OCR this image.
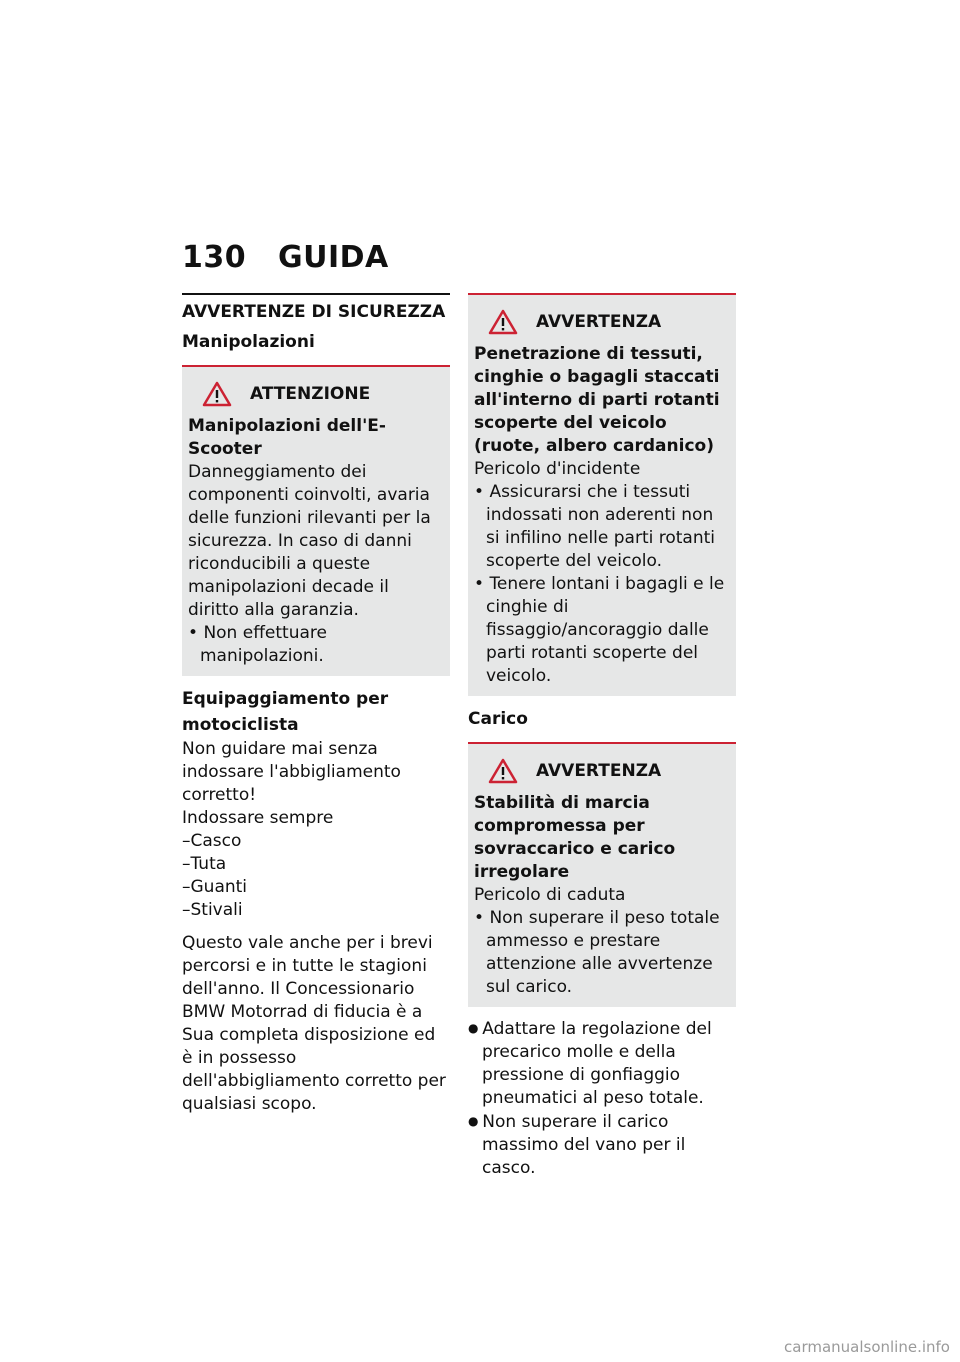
130 GUIDA
AVVERTENZE DI SICUREZZA
Manipolazioni
ATTENZIONE

Manipolazioni dell'E-Scooter

Danneggiamento dei componenti coinvolti, avaria delle funzioni rilevanti per la sicurezza. In caso di danni riconducibili a queste manipolazioni decade il diritto alla garanzia.

• Non effettuare manipolazioni.
Equipaggiamento per motociclista

Non guidare mai senza indossare l'abbigliamento corretto!

Indossare sempre

– Casco
– Tuta
– Guanti
– Stivali

Questo vale anche per i brevi percorsi e in tutte le stagioni dell'anno. Il Concessionario BMW Motorrad di fiducia è a Sua completa disposizione ed è in possesso dell'abbigliamento corretto per qualsiasi scopo.

AVVERTENZA

Penetrazione di tessuti, cinghie o bagagli staccati all'interno di parti rotanti scoperte del veicolo (ruote, albero cardanico)

Pericolo d'incidente

• Assicurarsi che i tessuti indossati non aderenti non si infilino nelle parti rotanti scoperte del veicolo.
• Tenere lontani i bagagli e le cinghie di fissaggio/ancoraggio dalle parti rotanti scoperte del veicolo.
Carico
AVVERTENZA

Stabilità di marcia compromessa per sovraccarico e carico irregolare

Pericolo di caduta

• Non superare il peso totale ammesso e prestare attenzione alle avvertenze sul carico.
● Adattare la regolazione del precarico molle e della pressione di gonfiaggio pneumatici al peso totale.
● Non superare il carico massimo del vano per il casco.
carmanualsonline.info
